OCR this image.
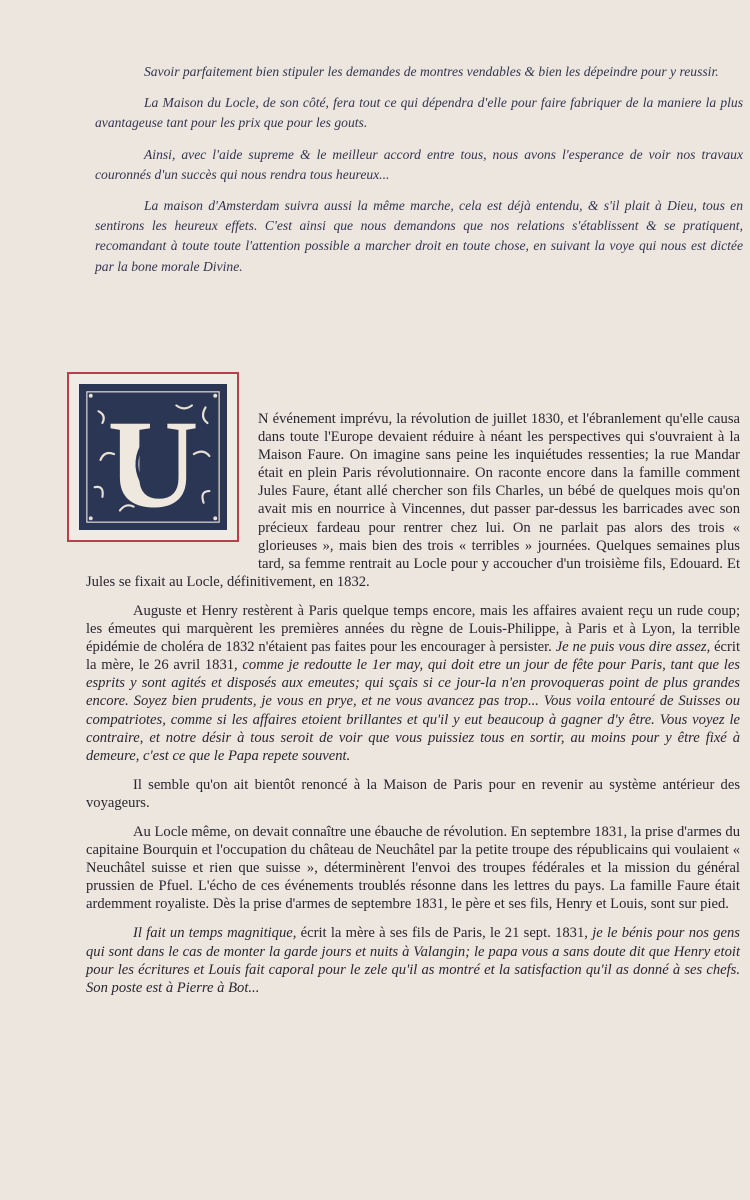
Savoir parfaitement bien stipuler les demandes de montres vendables & bien les dépeindre pour y reussir.

La Maison du Locle, de son côté, fera tout ce qui dépendra d'elle pour faire fabriquer de la maniere la plus avantageuse tant pour les prix que pour les gouts.

Ainsi, avec l'aide supreme & le meilleur accord entre tous, nous avons l'esperance de voir nos travaux couronnés d'un succès qui nous rendra tous heureux...

La maison d'Amsterdam suivra aussi la même marche, cela est déjà entendu, & s'il plait à Dieu, tous en sentirons les heureux effets. C'est ainsi que nous demandons que nos relations s'établissent & se pratiquent, recomandant à toute toute l'attention possible a marcher droit en toute chose, en suivant la voye qui nous est dictée par la bone morale Divine.

U	N événement imprévu, la révolution de juillet 1830, et l'ébranlement qu'elle causa dans toute l'Europe devaient réduire à néant les perspectives qui s'ouvraient à la Maison Faure. On imagine sans peine les inquiétudes ressenties; la rue Mandar était en plein Paris révolutionnaire. On raconte encore dans la famille comment Jules Faure, étant allé chercher son fils Charles, un bébé de quelques mois qu'on avait mis en nourrice à Vincennes, dut passer par-dessus les barricades avec son précieux fardeau pour rentrer chez lui. On ne parlait pas alors des trois « glorieuses », mais bien des trois « terribles » journées. Quelques semaines plus tard, sa femme rentrait au Locle pour y accoucher d'un troisième fils, Edouard. Et Jules se fixait au Locle, définitivement, en 1832.

Auguste et Henry restèrent à Paris quelque temps encore, mais les affaires avaient reçu un rude coup; les émeutes qui marquèrent les premières années du règne de Louis-Philippe, à Paris et à Lyon, la terrible épidémie de choléra de 1832 n'étaient pas faites pour les encourager à persister. Je ne puis vous dire assez, écrit la mère, le 26 avril 1831, comme je redoutte le 1er may, qui doit etre un jour de fête pour Paris, tant que les esprits y sont agités et disposés aux emeutes; qui sçais si ce jour-la n'en provoqueras point de plus grandes encore. Soyez bien prudents, je vous en prye, et ne vous avancez pas trop... Vous voila entouré de Suisses ou compatriotes, comme si les affaires etoient brillantes et qu'il y eut beaucoup à gagner d'y être. Vous voyez le contraire, et notre désir à tous seroit de voir que vous puissiez tous en sortir, au moins pour y être fixé à demeure, c'est ce que le Papa repete souvent.

Il semble qu'on ait bientôt renoncé à la Maison de Paris pour en revenir au système antérieur des voyageurs.

Au Locle même, on devait connaître une ébauche de révolution. En septembre 1831, la prise d'armes du capitaine Bourquin et l'occupation du château de Neuchâtel par la petite troupe des républicains qui voulaient « Neuchâtel suisse et rien que suisse », déterminèrent l'envoi des troupes fédérales et la mission du général prussien de Pfuel. L'écho de ces événements troublés résonne dans les lettres du pays. La famille Faure était ardemment royaliste. Dès la prise d'armes de septembre 1831, le père et ses fils, Henry et Louis, sont sur pied.

Il fait un temps magnitique, écrit la mère à ses fils de Paris, le 21 sept. 1831, je le bénis pour nos gens qui sont dans le cas de monter la garde jours et nuits à Valangin; le papa vous a sans doute dit que Henry etoit pour les écritures et Louis fait caporal pour le zele qu'il as montré et la satisfaction qu'il as donné à ses chefs. Son poste est à Pierre à Bot...
